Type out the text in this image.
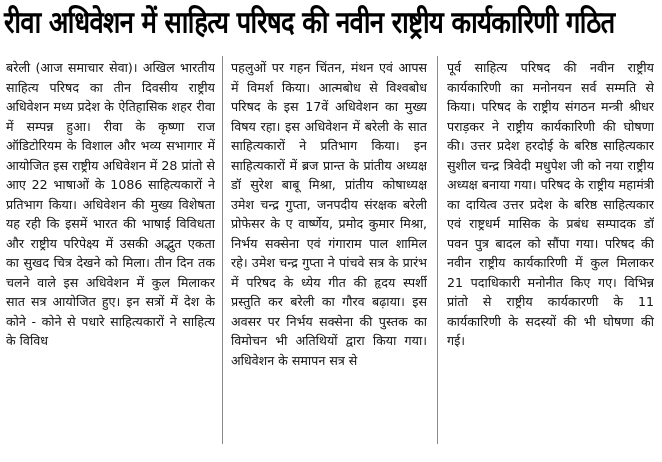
रीवा अधिवेशन में साहित्य परिषद की नवीन राष्ट्रीय कार्यकारिणी गठित
बरेली (आज समाचार सेवा)। अखिल भारतीय साहित्य परिषद का तीन दिवसीय राष्ट्रीय अधिवेशन मध्य प्रदेश के ऐतिहासिक शहर रीवा में सम्पन्न हुआ। रीवा के कृष्णा राज ऑडिटोरियम के विशाल और भव्य सभागार में आयोजित इस राष्ट्रीय अधिवेशन में 28 प्रांतो से आए 22 भाषाओं के 1086 साहित्यकारों ने प्रतिभाग किया। अधिवेशन की मुख्य विशेषता यह रही कि इसमें भारत की भाषाई विविधता और राष्ट्रीय परिपेक्ष्य में उसकी अद्भुत एकता का सुखद चित्र देखने को मिला। तीन दिन तक चलने वाले इस अधिवेशन में कुल मिलाकर सात सत्र आयोजित हुए। इन सत्रों में देश के कोने - कोने से पधारे साहित्यकारों ने साहित्य के विविध
पहलुओं पर गहन चिंतन, मंथन एवं आपस में विमर्श किया। आत्मबोध से विश्वबोध परिषद के इस 17वें अधिवेशन का मुख्य विषय रहा। इस अधिवेशन में बरेली के सात साहित्यकारों ने प्रतिभाग किया। इन साहित्यकारों में ब्रज प्रान्त के प्रांतीय अध्यक्ष डॉ सुरेश बाबू मिश्रा, प्रांतीय कोषाध्यक्ष उमेश चन्द्र गुप्ता, जनपदीय संरक्षक बरेली प्रोफेसर के ए वार्ष्णेय, प्रमोद कुमार मिश्रा, निर्भय सक्सेना एवं गंगाराम पाल शामिल रहे। उमेश चन्द्र गुप्ता ने पांचवे सत्र के प्रारंभ में परिषद के ध्येय गीत की हृदय स्पर्शी प्रस्तुति कर बरेली का गौरव बढ़ाया। इस अवसर पर निर्भय सक्सेना की पुस्तक का विमोचन भी अतिथियों द्वारा किया गया। अधिवेशन के समापन सत्र से
पूर्व साहित्य परिषद की नवीन राष्ट्रीय कार्यकारिणी का मनोनयन सर्व सम्मति से किया। परिषद के राष्ट्रीय संगठन मन्त्री श्रीधर पराड़कर ने राष्ट्रीय कार्यकारिणी की घोषणा की। उत्तर प्रदेश हरदोई के बरिष्ठ साहित्यकार सुशील चन्द्र त्रिवेदी मधुपेश जी को नया राष्ट्रीय अध्यक्ष बनाया गया। परिषद के राष्ट्रीय महामंत्री का दायित्व उत्तर प्रदेश के बरिष्ठ साहित्यकार एवं राष्ट्रधर्म मासिक के प्रबंध सम्पादक डॉ पवन पुत्र बादल को सौंपा गया। परिषद की नवीन राष्ट्रीय कार्यकारिणी में कुल मिलाकर 21 पदाधिकारी मनोनीत किए गए। विभिन्न प्रांतो से राष्ट्रीय कार्यकारणी के 11 कार्यकारिणी के सदस्यों की भी घोषणा की गई।
